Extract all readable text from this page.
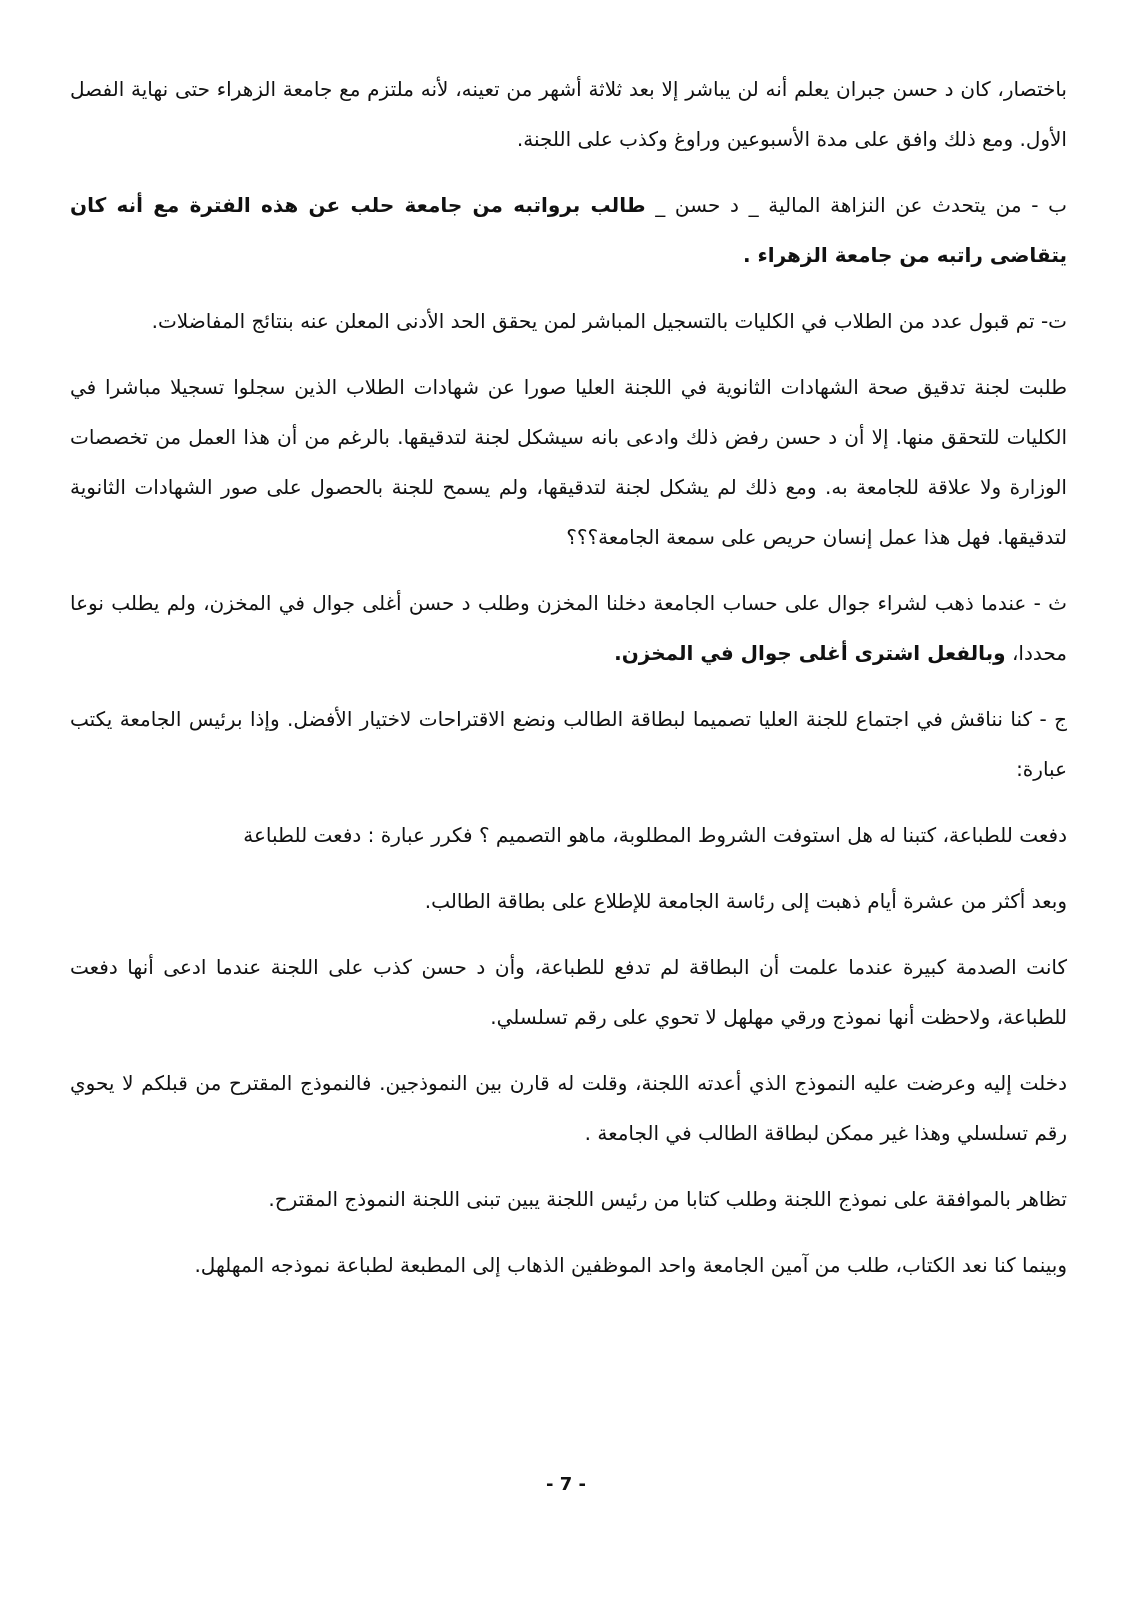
باختصار، كان د حسن جبران يعلم أنه لن يباشر إلا بعد ثلاثة أشهر من تعينه، لأنه ملتزم مع جامعة الزهراء حتى نهاية الفصل الأول. ومع ذلك وافق على مدة الأسبوعين وراوغ وكذب على اللجنة.

ب - من يتحدث عن النزاهة المالية _ د حسن _ طالب برواتبه من جامعة حلب عن هذه الفترة مع أنه كان يتقاضى راتبه من جامعة الزهراء .

ت- تم قبول عدد من الطلاب في الكليات بالتسجيل المباشر لمن يحقق الحد الأدنى المعلن عنه بنتائج المفاضلات.

طلبت لجنة تدقيق صحة الشهادات الثانوية في اللجنة العليا صورا عن شهادات الطلاب الذين سجلوا تسجيلا مباشرا في الكليات للتحقق منها. إلا أن د حسن رفض ذلك وادعى بانه سيشكل لجنة لتدقيقها. بالرغم من أن هذا العمل من تخصصات الوزارة ولا علاقة للجامعة به. ومع ذلك لم يشكل لجنة لتدقيقها، ولم يسمح للجنة بالحصول على صور الشهادات الثانوية لتدقيقها. فهل هذا عمل إنسان حريص على سمعة الجامعة؟؟؟

ث - عندما ذهب لشراء جوال على حساب الجامعة دخلنا المخزن وطلب د حسن أغلى جوال في المخزن، ولم يطلب نوعا محددا، وبالفعل اشترى أغلى جوال في المخزن.

ج - كنا نناقش في اجتماع للجنة العليا تصميما لبطاقة الطالب ونضع الاقتراحات لاختيار الأفضل. وإذا برئيس الجامعة يكتب عبارة:

دفعت للطباعة، كتبنا له هل استوفت الشروط المطلوبة، ماهو التصميم ؟ فكرر عبارة : دفعت للطباعة

وبعد أكثر من عشرة أيام ذهبت إلى رئاسة الجامعة للإطلاع على بطاقة الطالب.

كانت الصدمة كبيرة عندما علمت أن البطاقة لم تدفع للطباعة، وأن د حسن كذب على اللجنة عندما ادعى أنها دفعت للطباعة، ولاحظت أنها نموذج ورقي مهلهل لا تحوي على رقم تسلسلي.

دخلت إليه وعرضت عليه النموذج الذي أعدته اللجنة، وقلت له قارن بين النموذجين. فالنموذج المقترح من قبلكم لا يحوي رقم تسلسلي وهذا غير ممكن لبطاقة الطالب في الجامعة .

تظاهر بالموافقة على نموذج اللجنة وطلب كتابا من رئيس اللجنة يبين تبنى اللجنة النموذج المقترح.

وبينما كنا نعد الكتاب، طلب من آمين الجامعة واحد الموظفين الذهاب إلى المطبعة لطباعة نموذجه المهلهل.

- 7 -
